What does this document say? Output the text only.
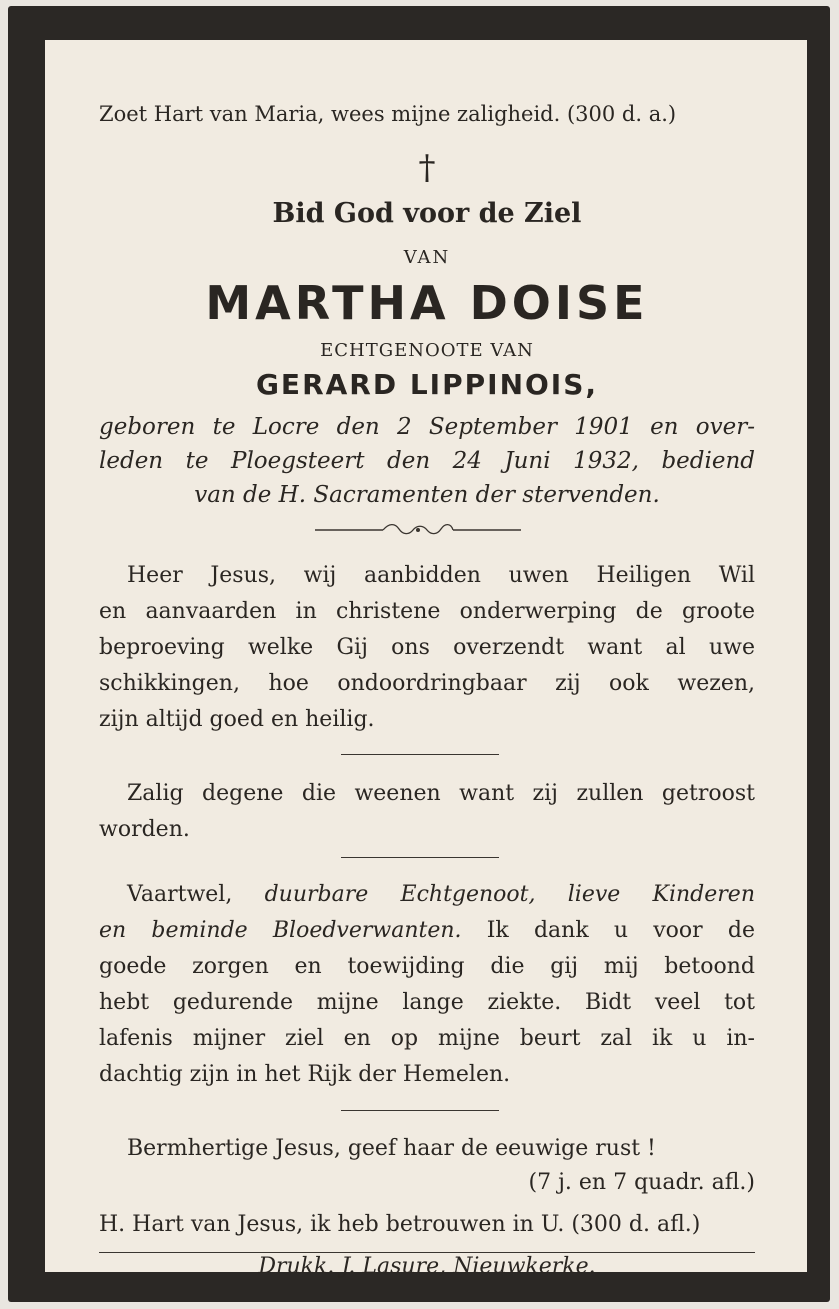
Zoet Hart van Maria, wees mijne zaligheid. (300 d. a.)
†
Bid God voor de Ziel
VAN
MARTHA DOISE
ECHTGENOOTE VAN
GERARD LIPPINOIS,
geboren te Locre den 2 September 1901 en over-
leden te Ploegsteert den 24 Juni 1932, bediend
van de H. Sacramenten der stervenden.
Heer Jesus, wij aanbidden uwen Heiligen Wil
en aanvaarden in christene onderwerping de groote
beproeving welke Gij ons overzendt want al uwe
schikkingen, hoe ondoordringbaar zij ook wezen,
zijn altijd goed en heilig.
Zalig degene die weenen want zij zullen getroost
worden.
Vaartwel, duurbare Echtgenoot, lieve Kinderen
en beminde Bloedverwanten. Ik dank u voor de
goede zorgen en toewijding die gij mij betoond
hebt gedurende mijne lange ziekte. Bidt veel tot
lafenis mijner ziel en op mijne beurt zal ik u in-
dachtig zijn in het Rijk der Hemelen.
Bermhertige Jesus, geef haar de eeuwige rust !
(7 j. en 7 quadr. afl.)
H. Hart van Jesus, ik heb betrouwen in U. (300 d. afl.)
Drukk. J. Lasure, Nieuwkerke.
